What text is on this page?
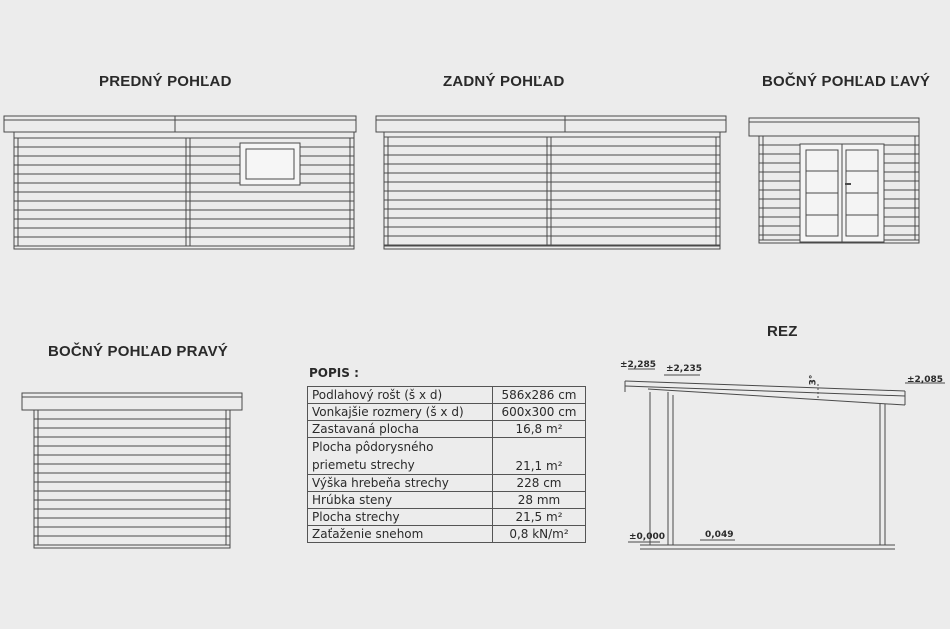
PREDNÝ POHĽAD	ZADNÝ POHĽAD	BOČNÝ POHĽAD ĽAVÝ
BOČNÝ POHĽAD PRAVÝ
REZ
±2,285 ±2,235
±2,085
±0,000	0,049
3°
POPIS :
Podlahový rošt (š x d)	586x286 cm
Vonkajšie rozmery (š x d)	600x300 cm
Zastavaná plocha	16,8 m²
Plocha pôdorysného priemetu strechy	21,1 m²
Výška hrebeňa strechy	228 cm
Hrúbka steny	28 mm
Plocha strechy	21,5 m²
Zaťaženie snehom	0,8 kN/m²
